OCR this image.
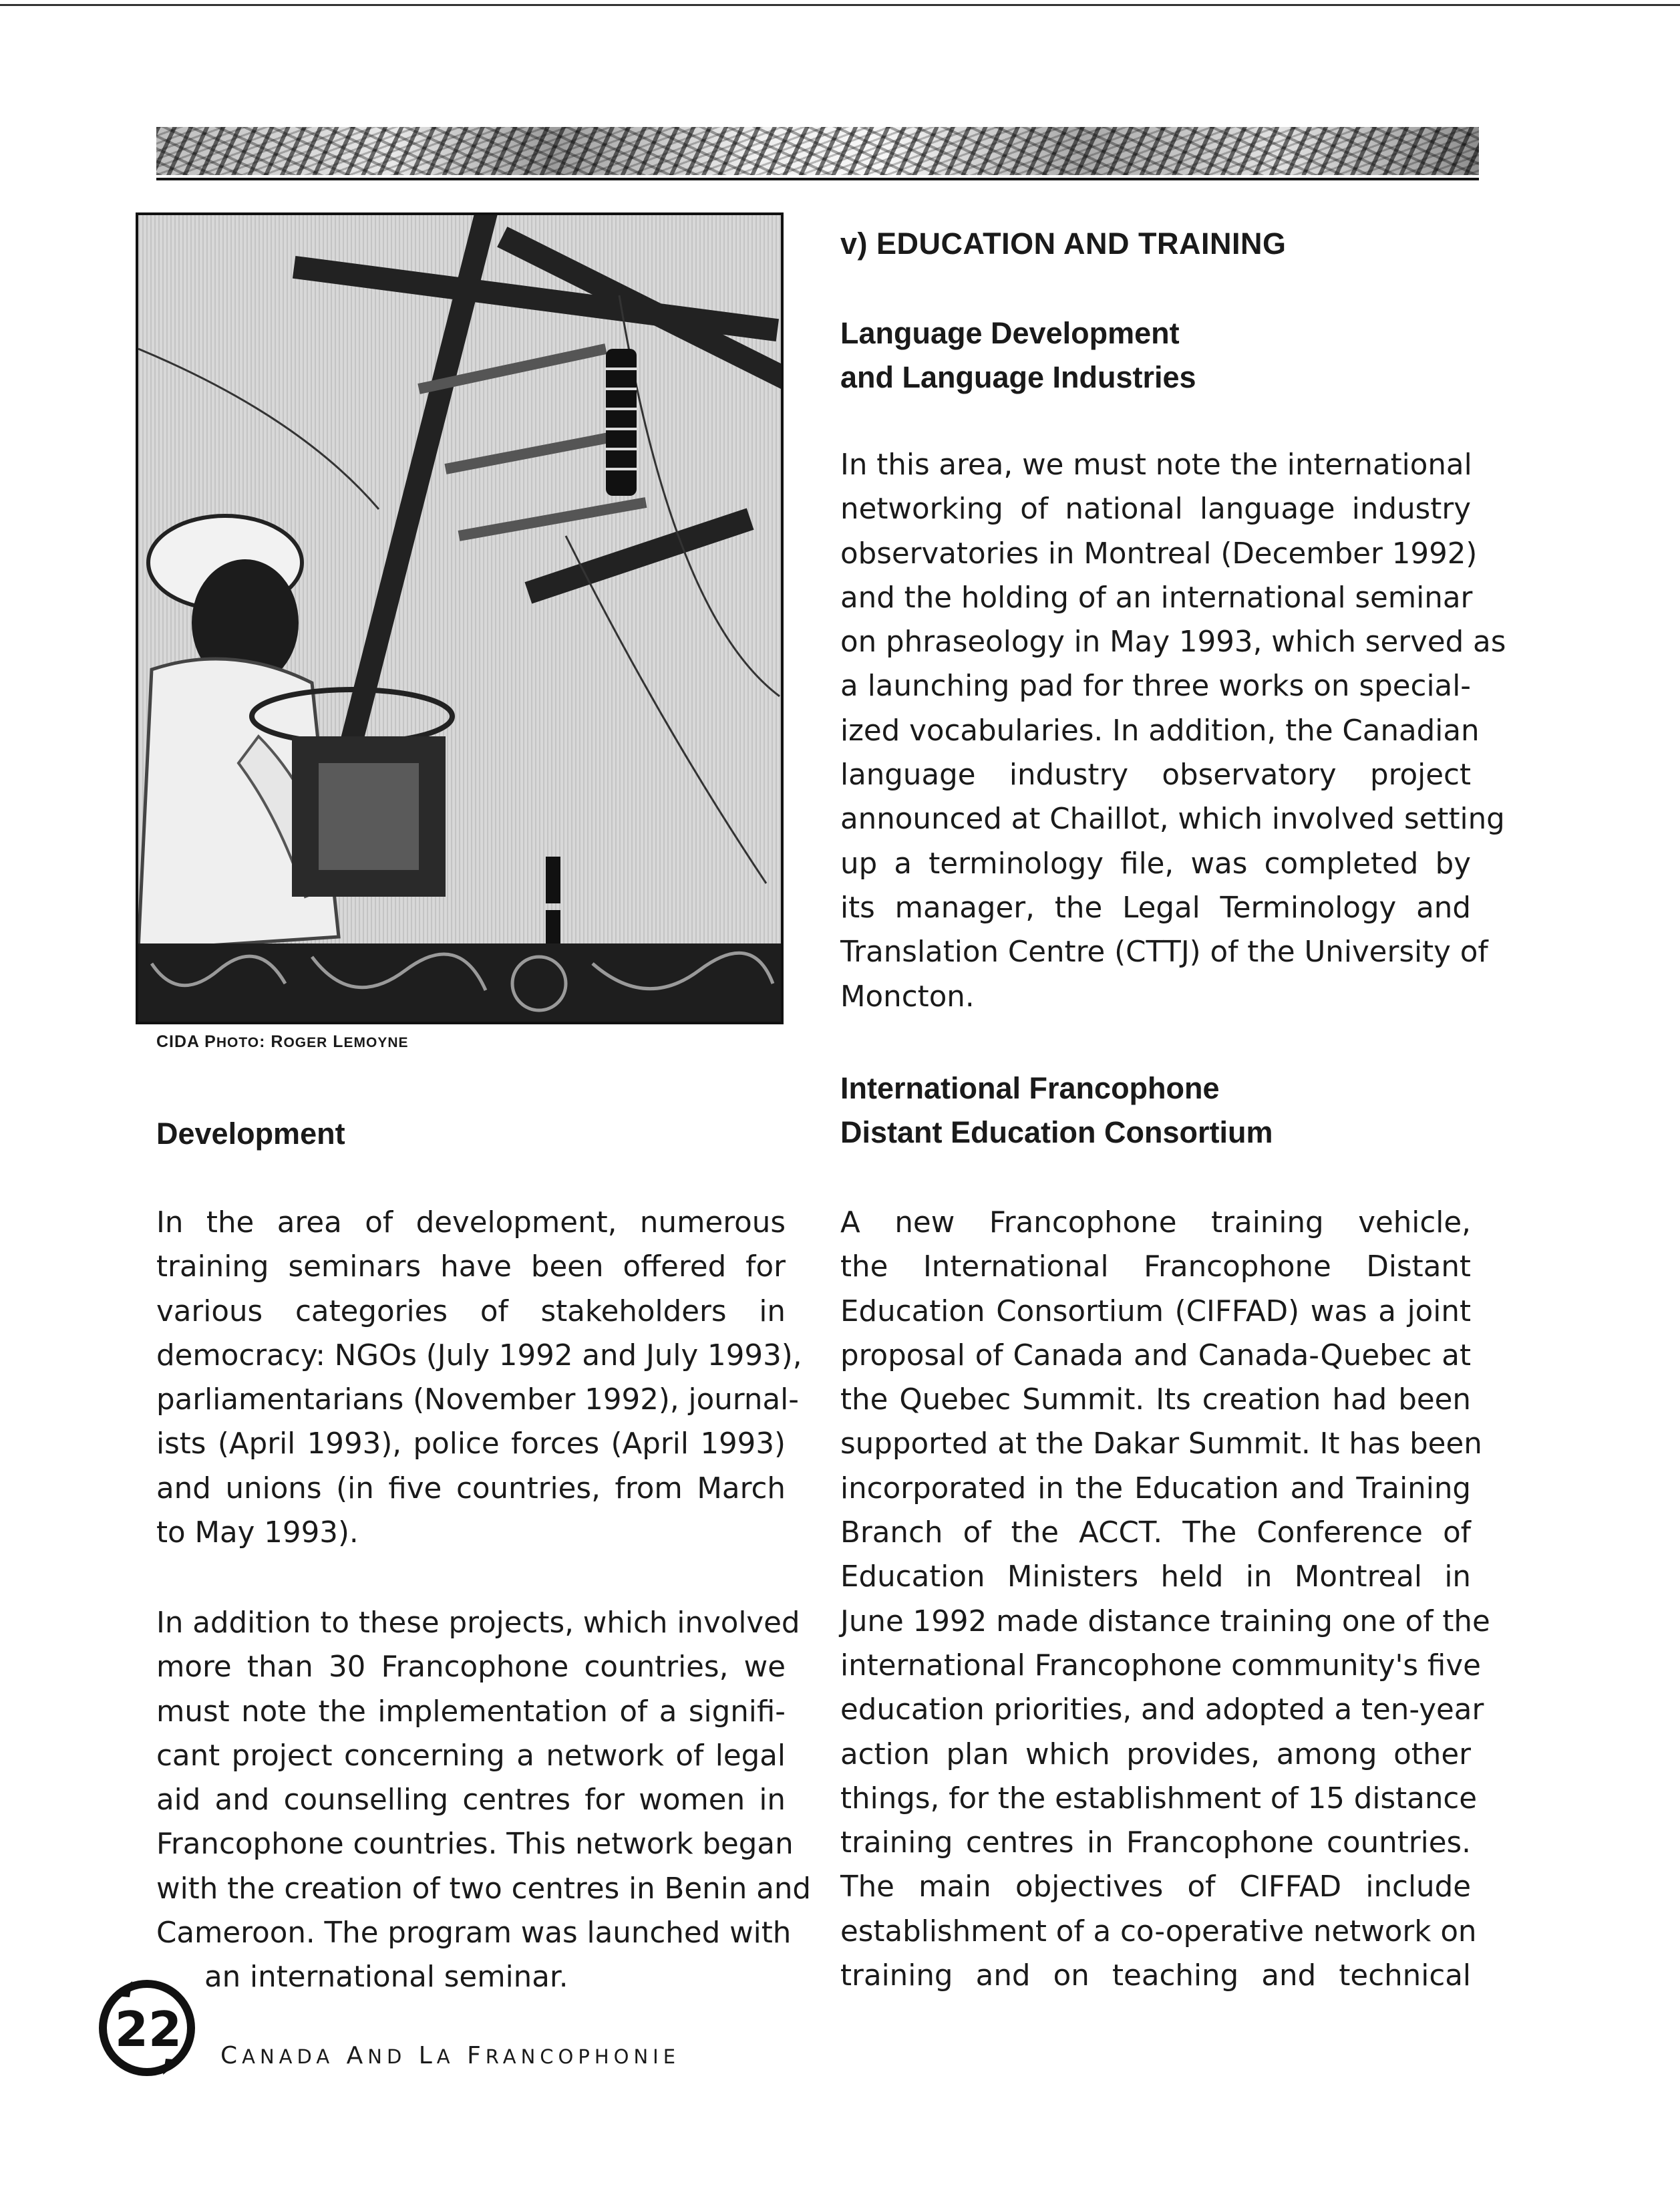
CIDA PHOTO: ROGER LEMOYNE
Development
In the area of development, numerous
training seminars have been offered for
various categories of stakeholders in
democracy: NGOs (July 1992 and July 1993),
parliamentarians (November 1992), journal-
ists (April 1993), police forces (April 1993)
and unions (in five countries, from March
to May 1993).
In addition to these projects, which involved
more than 30 Francophone countries, we
must note the implementation of a signifi-
cant project concerning a network of legal
aid and counselling centres for women in
Francophone countries. This network began
with the creation of two centres in Benin and
Cameroon. The program was launched with
an international seminar.
v) EDUCATION AND TRAINING
Language Development
and Language Industries
In this area, we must note the international
networking of national language industry
observatories in Montreal (December 1992)
and the holding of an international seminar
on phraseology in May 1993, which served as
a launching pad for three works on special-
ized vocabularies. In addition, the Canadian
language industry observatory project
announced at Chaillot, which involved setting
up a terminology file, was completed by
its manager, the Legal Terminology and
Translation Centre (CTTJ) of the University of
Moncton.
International Francophone
Distant Education Consortium
A new Francophone training vehicle,
the International Francophone Distant
Education Consortium (CIFFAD) was a joint
proposal of Canada and Canada-Quebec at
the Quebec Summit. Its creation had been
supported at the Dakar Summit. It has been
incorporated in the Education and Training
Branch of the ACCT. The Conference of
Education Ministers held in Montreal in
June 1992 made distance training one of the
international Francophone community's five
education priorities, and adopted a ten-year
action plan which provides, among other
things, for the establishment of 15 distance
training centres in Francophone countries.
The main objectives of CIFFAD include
establishment of a co-operative network on
training and on teaching and technical
22	CANADA AND LA FRANCOPHONIE
